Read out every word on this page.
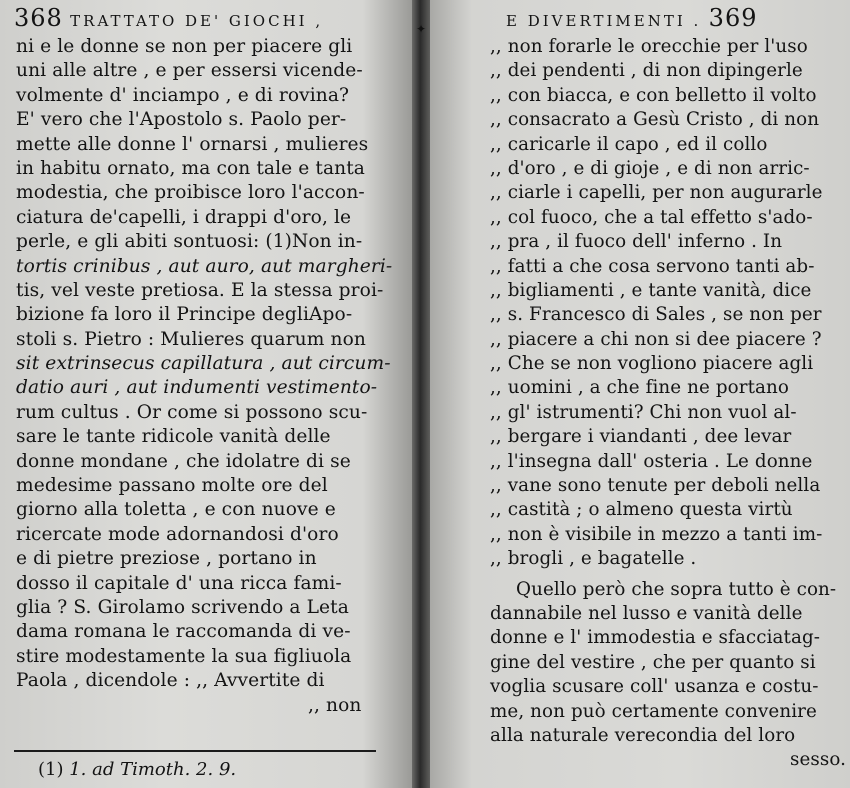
368 TRATTATO DE' GIOCHI ,
ni e le donne se non per piacere gli
uni alle altre , e per essersi vicende-
volmente d' inciampo , e di rovina?
E' vero che l'Apostolo s. Paolo per-
mette alle donne l' ornarsi , mulieres
in habitu ornato, ma con tale e tanta
modestia, che proibisce loro l'accon-
ciatura de'capelli, i drappi d'oro, le
perle, e gli abiti sontuosi: (1)Non in-
tortis crinibus , aut auro, aut margheri-
tis, vel veste pretiosa. E la stessa proi-
bizione fa loro il Principe degliApo-
stoli s. Pietro : Mulieres quarum non
sit extrinsecus capillatura , aut circum-
datio auri , aut indumenti vestimento-
rum cultus . Or come si possono scu-
sare le tante ridicole vanità delle
donne mondane , che idolatre di se
medesime passano molte ore del
giorno alla toletta , e con nuove e
ricercate mode adornandosi d'oro
e di pietre preziose , portano in
dosso il capitale d' una ricca fami-
glia ? S. Girolamo scrivendo a Leta
dama romana le raccomanda di ve-
stire modestamente la sua figliuola
Paola , dicendole : ,, Avvertite di
,, non
(1) 1. ad Timoth. 2. 9.
E DIVERTIMENTI . 369
,, non forarle le orecchie per l'uso
,, dei pendenti , di non dipingerle
,, con biacca, e con belletto il volto
,, consacrato a Gesù Cristo , di non
,, caricarle il capo , ed il collo
,, d'oro , e di gioje , e di non arric-
,, ciarle i capelli, per non augurarle
,, col fuoco, che a tal effetto s'ado-
,, pra , il fuoco dell' inferno . In
,, fatti a che cosa servono tanti ab-
,, bigliamenti , e tante vanità, dice
,, s. Francesco di Sales , se non per
,, piacere a chi non si dee piacere ?
,, Che se non vogliono piacere agli
,, uomini , a che fine ne portano
,, gl' istrumenti? Chi non vuol al-
,, bergare i viandanti , dee levar
,, l'insegna dall' osteria . Le donne
,, vane sono tenute per deboli nella
,, castità ; o almeno questa virtù
,, non è visibile in mezzo a tanti im-
,, brogli , e bagatelle .
Quello però che sopra tutto è con-
dannabile nel lusso e vanità delle
donne e l' immodestia e sfacciatag-
gine del vestire , che per quanto si
voglia scusare coll' usanza e costu-
me, non può certamente convenire
alla naturale verecondia del loro
sesso.
✦
